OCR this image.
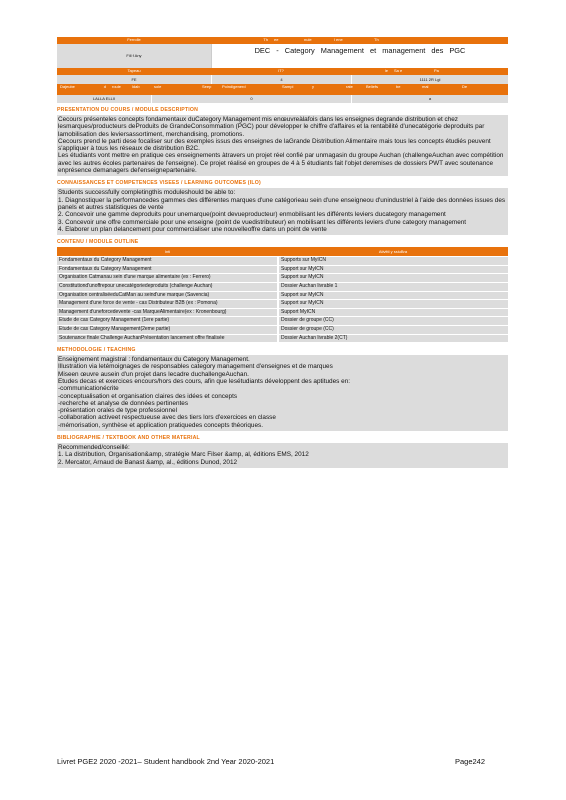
Ferrolle	Th	ee	nule	l ene	Th
Fill f Any
DEC - Category Management et management des PGC
Tapeau	IT?	le	Sa e	Pa
FE	4	1111 2R Lgl
Dajeube	d	roule	ldab	sole	Seep	Poindigenerd	Sampi	y	rate	Beliefs	be	mal	De
LALLA ELLII	0	a
PRESENTATION DU COURS / MODULE DESCRIPTION

Cecours présenteles concepts fondamentaux duCategory Management mis enœuvreàlafois dans les enseignes degrande distribution et chez lesmarques/producteurs deProduits de GrandeConsommation (PGC) pour développer le chiffre d'affaires et la rentabilité d'unecatégorie deproduits par lamobilisation des leviersassortiment, merchandising, promotions.

Cecours prend le parti dese focaliser sur des exemples issus des enseignes de laGrande Distribution Alimentaire mais tous les concepts étudiés peuvent s'appliquer à tous les réseaux de distribution B2C.

Les étudiants vont mettre en pratique ces enseignements àtravers un projet réel confié par unmagasin du groupe Auchan (challengeAuchan avec compétition avec les autres écoles partenaires de l'enseigne). Ce projet réalisé en groupes de 4 à 5 étudiants fait l'objet deremises de dossiers PWT avec soutenance enprésence demanagers del'enseignepartenaire.

CONNAISSANCES ET COMPETENCES VISEES / LEARNING OUTCOMES (ILO)

Students successfully completingthis moduleshould be able to:

1. Diagnostiquer la performancedes gammes des différentes marques d'une catégorieau sein d'une enseigneou d'unindustriel à l'aide des données issues des panels et autres statistiques de vente

2. Concevoir une gamme deproduits pour unemarque(point devueproducteur) enmobilisant les différents leviers ducategory management

3. Concevoir une offre commerciale pour une enseigne (point de vuedistributeur) en mobilisant les différents leviers d'une category management

4. Elaborer un plan delancement pour commercialiser une nouvelleoffre dans un point de vente

CONTENU / MODULE OUTLINE
Inti	Ativitti y ssiuBra
Fondamentaux du Category Management	Supports sur MyICN
Fondamentaux du Category Management	Support sur MyICN
Organisation Catmanau sein d'une marque alimentaire (ex : Ferrero)	Support sur MyICN
Constitutiond'unoffrepour unecatégoriedeproduits (challenge Auchan)	Dossier Auchan livrable 1
Organisation centraliséeduCatMan au seind'une marque (Savencia)	Support sur MyICN
Management d'une force de vente - cas Distributeur B2B (ex : Pomona)	Support sur MyICN
Management d'uneforcedevente -cas MarqueAlimentaire(ex : Kronenbourg)	Support MyICN
Etude de cas Category Management (1ere partie)	Dossier de groupe (CC)
Etude de cas Category Management(2eme partie)	Dossier de groupe (CC)
Soutenance finale Challenge AuchanPrésentation lancement offre finalisée	Dossier Auchan livrable 2(CT)
METHODOLOGIE / TEACHING

Enseignement magistral : fondamentaux du Category Management.

Illustration via letémoignages de responsables category management d'enseignes et de marques

Miseen œuvre ausein d'un projet dans lecadre duchallengeAuchan.

Etudes decas et exercices encours/hors des cours, afin que lesétudiants développent des aptitudes en:

-communicationécrite

-conceptualisation et organisation claires des idées et concepts

-recherche et analyse de données pertinentes

-présentation orales de type professionnel

-collaboration activeet respectueuse avec des tiers lors d'exercices en classe

-mémorisation, synthèse et application pratiquedes concepts théoriques.

BIBLIOGRAPHIE / TEXTBOOK AND OTHER MATERIAL

Recommended/conseillé:

1. La distribution, Organisation&amp, stratégie Marc Filser &amp, al, éditions EMS, 2012

2. Mercator, Arnaud de Banast &amp, al., éditions Dunod, 2012

Livret PGE2 2020 -2021– Student handbook 2nd Year 2020-2021	Page242
